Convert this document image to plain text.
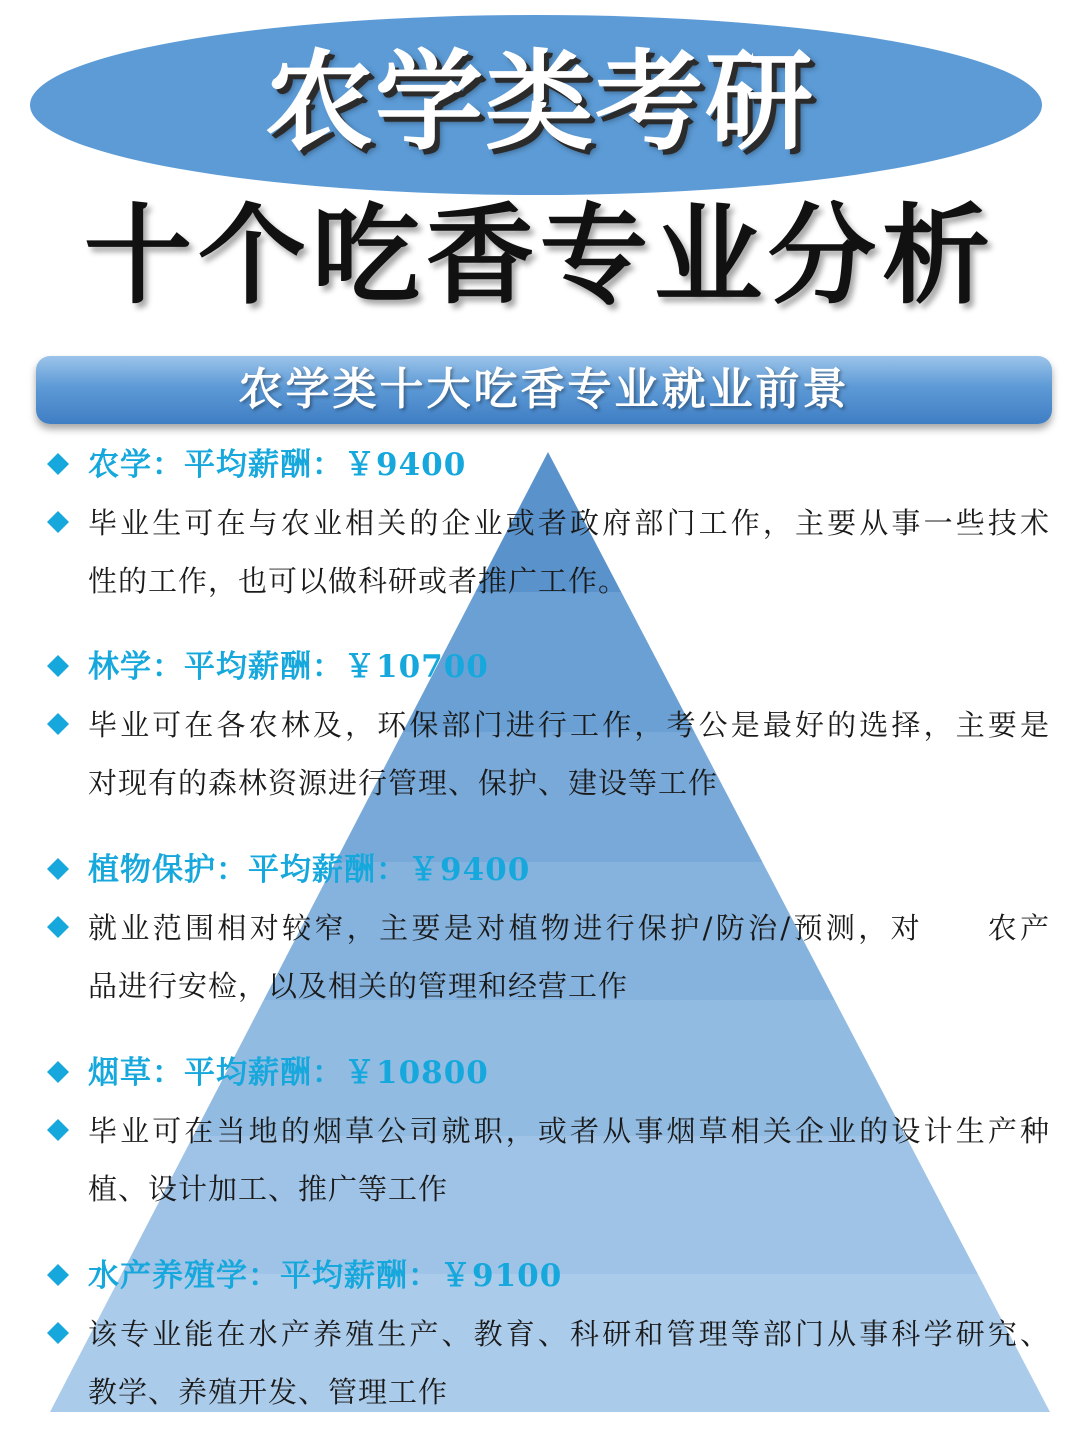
农学类考研
十个吃香专业分析
农学类十大吃香专业就业前景
农学：平均薪酬：￥9400
毕业生可在与农业相关的企业或者政府部门工作，主要从事一些技术
性的工作，也可以做科研或者推广工作。
林学：平均薪酬：￥10700
毕业可在各农林及，环保部门进行工作，考公是最好的选择，主要是
对现有的森林资源进行管理、保护、建设等工作
植物保护：平均薪酬：￥9400
就业范围相对较窄，主要是对植物进行保护/防治/预测，对　　农产
品进行安检，以及相关的管理和经营工作
烟草：平均薪酬：￥10800
毕业可在当地的烟草公司就职，或者从事烟草相关企业的设计生产种
植、设计加工、推广等工作
水产养殖学：平均薪酬：￥9100
该专业能在水产养殖生产、教育、科研和管理等部门从事科学研究、
教学、养殖开发、管理工作
